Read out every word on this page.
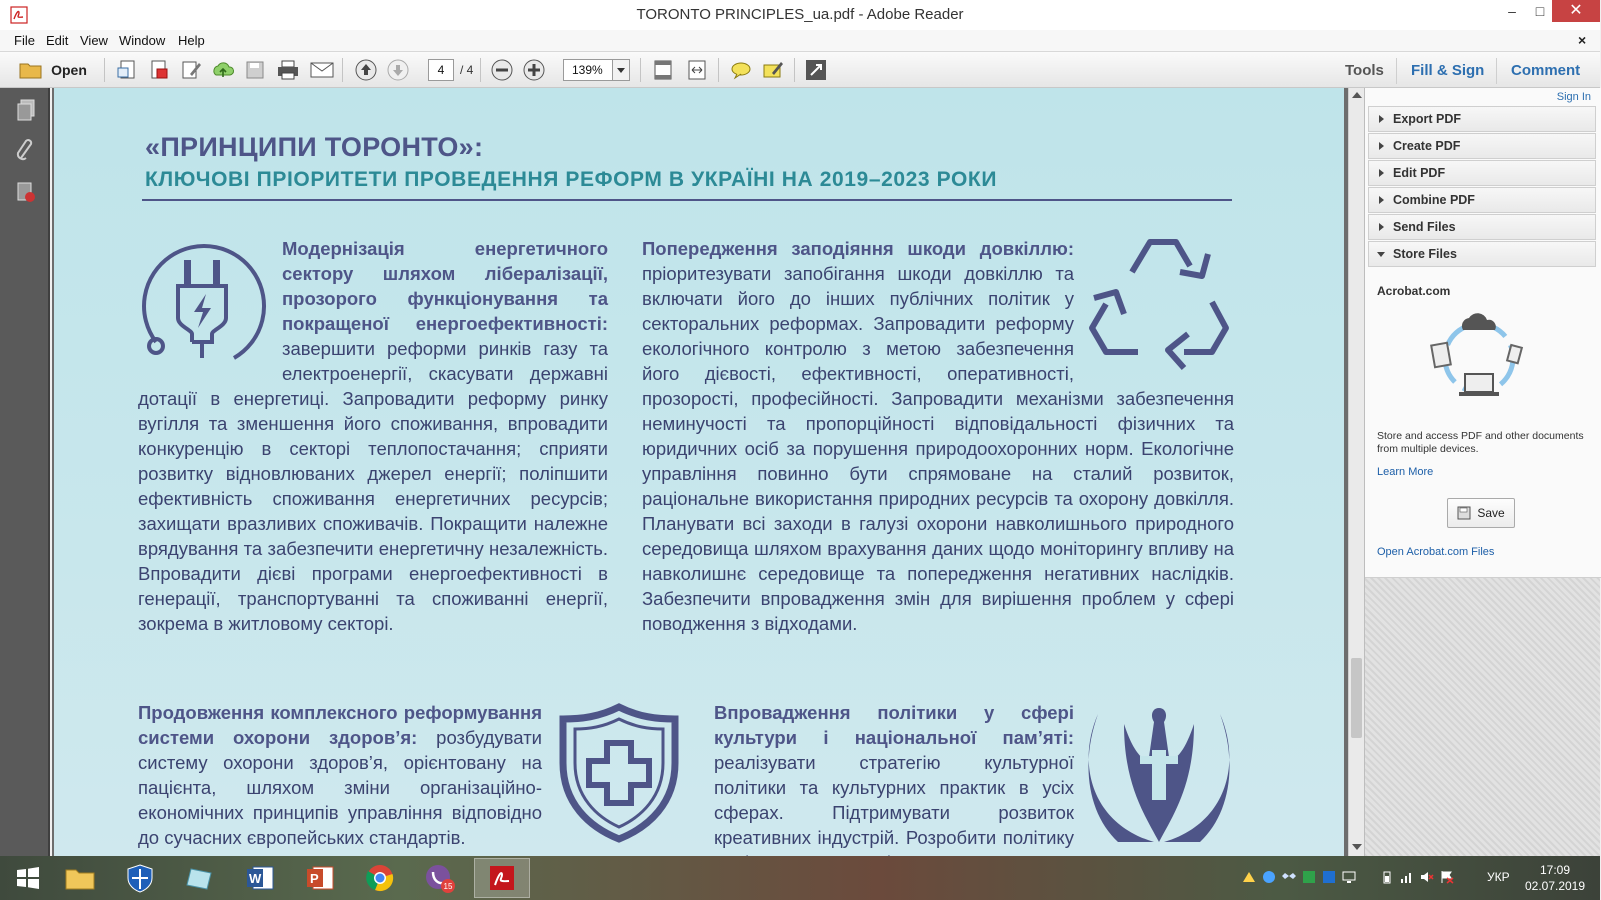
TORONTO PRINCIPLES_ua.pdf - Adobe Reader	–	□	✕
File Edit View Window Help	×
Open	4	/ 4	139%	Tools Fill & Sign Comment
«ПРИНЦИПИ ТОРОНТО»:
КЛЮЧОВІ ПРІОРИТЕТИ ПРОВЕДЕННЯ РЕФОРМ В УКРАЇНІ НА 2019–2023 РОКИ
Модернізація енергетичного сектору шляхом лібералізації, прозорого функціонування та покращеної енергоефективності: завершити реформи ринків газу та електроенергії, скасувати державні дотації в енергетиці. Запровадити реформу ринку вугілля та зменшення його споживання, впровадити конкуренцію в секторі теплопостачання; сприяти розвитку відновлюваних джерел енергії; поліпшити ефективність споживання енергетичних ресурсів; захищати вразливих споживачів. Покращити належне врядування та забезпечити енергетичну незалежність. Впровадити дієві програми енергоефективності в генерації, транспортуванні та споживанні енергії, зокрема в житловому секторі.
Попередження заподіяння шкоди довкіллю: пріоритезувати запобігання шкоди довкіллю та включати його до інших публічних політик у секторальних реформах. Запровадити реформу екологічного контролю з метою забезпечення його дієвості, ефективності, оперативності, прозорості, професійності. Запровадити механізми забезпечення неминучості та пропорційності відповідальності фізичних та юридичних осіб за порушення природоохоронних норм. Екологічне управління повинно бути спрямоване на сталий розвиток, раціональне використання природних ресурсів та охорону довкілля. Планувати всі заходи в галузі охорони навколишнього природного середовища шляхом врахування даних щодо моніторингу впливу на навколишнє середовище та попередження негативних наслідків. Забезпечити впровадження змін для вирішення проблем у сфері поводження з відходами.
Продовження комплексного реформування системи охорони здоров’я: розбудувати систему охорони здоров’я, орієнтовану на пацієнта, шляхом зміни організаційно-економічних принципів управління відповідно до сучасних європейських стандартів.
Впровадження політики у сфері культури і національної пам’яті: реалізувати стратегію культурної політики та культурних практик в усіх сферах. Підтримувати розвиток креативних індустрій. Розробити політику
Sign In
Export PDF
Create PDF
Edit PDF
Combine PDF
Send Files
Store Files
Acrobat.com
Store and access PDF and other documents from multiple devices.
Learn More
Save
Open Acrobat.com Files
W	P
15
УКР	17:09
02.07.2019
